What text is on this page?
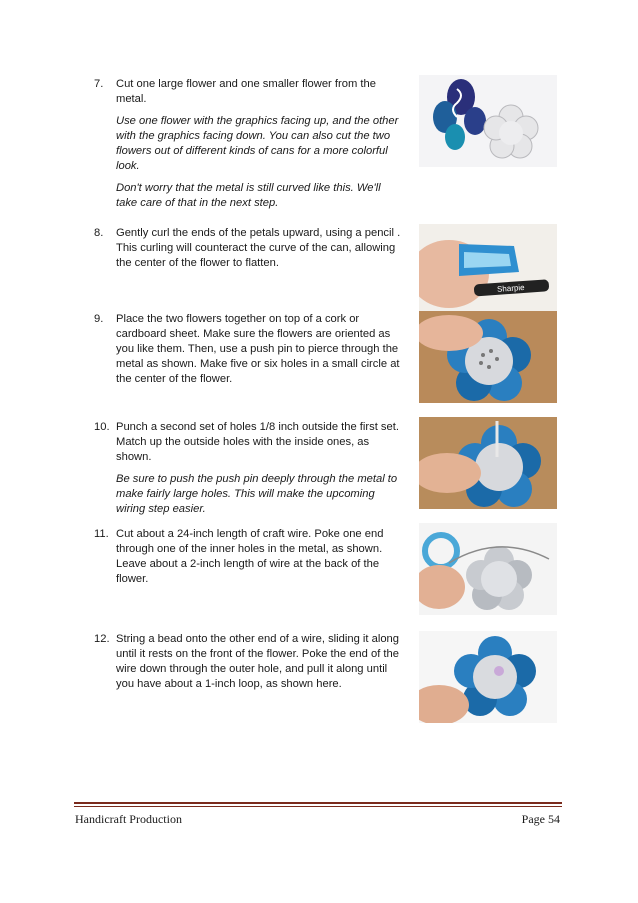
7. Cut one large flower and one smaller flower from the metal.

Use one flower with the graphics facing up, and the other with the graphics facing down. You can also cut the two flowers out of different kinds of cans for a more colorful look.

Don't worry that the metal is still curved like this. We'll take care of that in the next step.

8. Gently curl the ends of the petals upward, using a pencil . This curling will counteract the curve of the can, allowing the center of the flower to flatten.

Sharpie
9. Place the two flowers together on top of a cork or cardboard sheet. Make sure the flowers are oriented as you like them. Then, use a push pin to pierce through the metal as shown. Make five or six holes in a small circle at the center of the flower.

10. Punch a second set of holes 1/8 inch outside the first set. Match up the outside holes with the inside ones, as shown.

Be sure to push the push pin deeply through the metal to make fairly large holes. This will make the upcoming wiring step easier.

11. Cut about a 24-inch length of craft wire. Poke one end through one of the inner holes in the metal, as shown. Leave about a 2-inch length of wire at the back of the flower.

12. String a bead onto the other end of a wire, sliding it along until it rests on the front of the flower. Poke the end of the wire down through the outer hole, and pull it along until you have about a 1-inch loop, as shown here.

Handicraft Production	Page 54
